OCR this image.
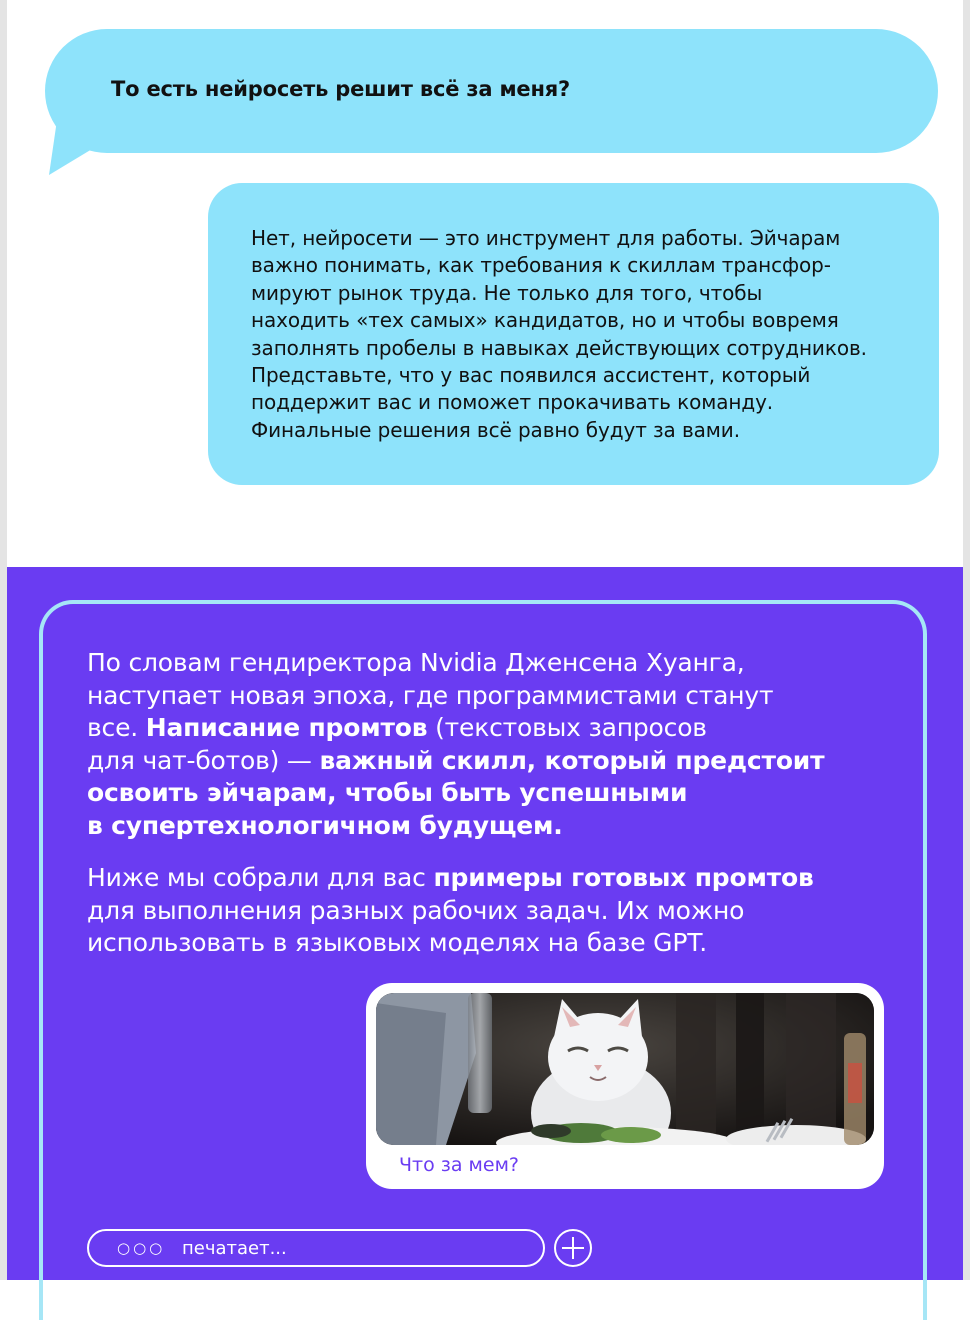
То есть нейросеть решит всё за меня?
Нет, нейросети — это инструмент для работы. Эйчарам
важно понимать, как требования к скиллам трансфор-
мируют рынок труда. Не только для того, чтобы
находить «тех самых» кандидатов, но и чтобы вовремя
заполнять пробелы в навыках действующих сотрудников.
Представьте, что у вас появился ассистент, который
поддержит вас и поможет прокачивать команду.
Финальные решения всё равно будут за вами.

По словам гендиректора Nvidia Дженсена Хуанга,
наступает новая эпоха, где программистами станут
все. Написание промтов (текстовых запросов
для чат-ботов) — важный скилл, который предстоит
освоить эйчарам, чтобы быть успешными
в супертехнологичном будущем.

Ниже мы собрали для вас примеры готовых промтов
для выполнения разных рабочих задач. Их можно
использовать в языковых моделях на базе GPT.

Что за мем?
○○○ печатает...
